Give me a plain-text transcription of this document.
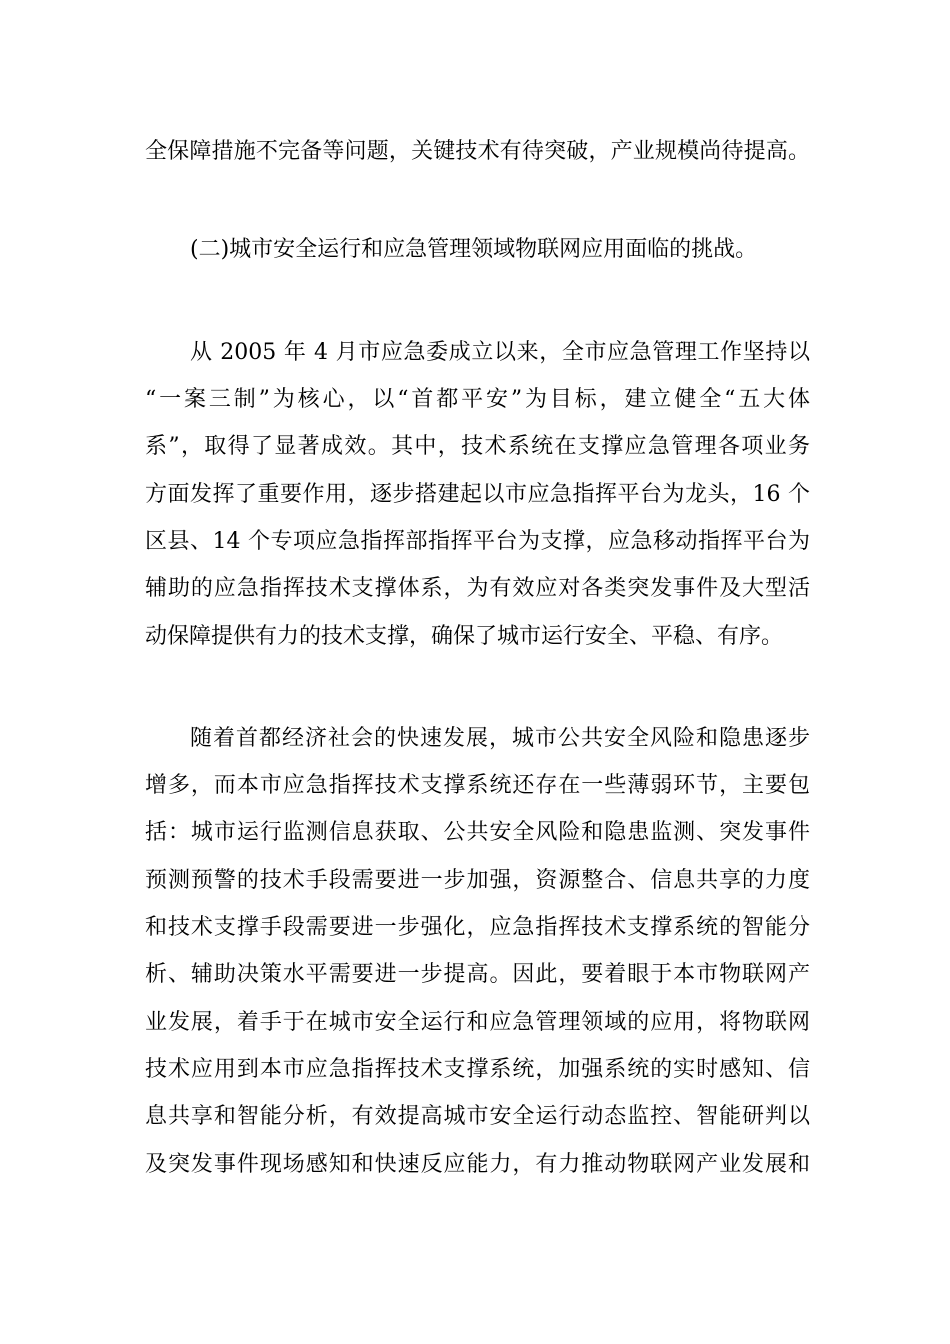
全保障措施不完备等问题，关键技术有待突破，产业规模尚待提高。
(二)城市安全运行和应急管理领域物联网应用面临的挑战。
从 2005 年 4 月市应急委成立以来，全市应急管理工作坚持以
“一案三制”为核心，以“首都平安”为目标，建立健全“五大体
系”，取得了显著成效。其中，技术系统在支撑应急管理各项业务
方面发挥了重要作用，逐步搭建起以市应急指挥平台为龙头，16 个
区县、14 个专项应急指挥部指挥平台为支撑，应急移动指挥平台为
辅助的应急指挥技术支撑体系，为有效应对各类突发事件及大型活
动保障提供有力的技术支撑，确保了城市运行安全、平稳、有序。
随着首都经济社会的快速发展，城市公共安全风险和隐患逐步
增多，而本市应急指挥技术支撑系统还存在一些薄弱环节，主要包
括：城市运行监测信息获取、公共安全风险和隐患监测、突发事件
预测预警的技术手段需要进一步加强，资源整合、信息共享的力度
和技术支撑手段需要进一步强化，应急指挥技术支撑系统的智能分
析、辅助决策水平需要进一步提高。因此，要着眼于本市物联网产
业发展，着手于在城市安全运行和应急管理领域的应用，将物联网
技术应用到本市应急指挥技术支撑系统，加强系统的实时感知、信
息共享和智能分析，有效提高城市安全运行动态监控、智能研判以
及突发事件现场感知和快速反应能力，有力推动物联网产业发展和
